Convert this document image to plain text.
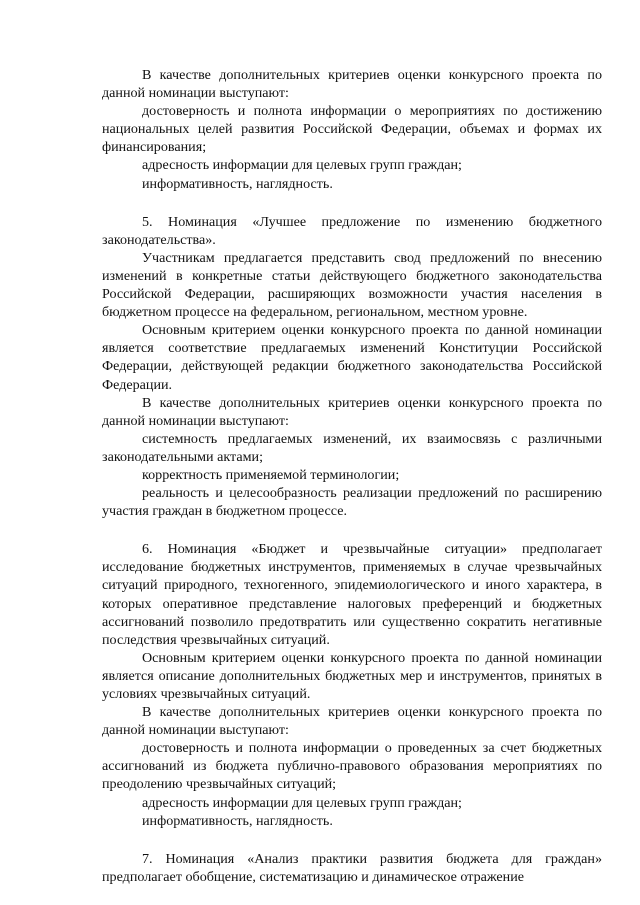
В качестве дополнительных критериев оценки конкурсного проекта по данной номинации выступают:

достоверность и полнота информации о мероприятиях по достижению национальных целей развития Российской Федерации, объемах и формах их финансирования;

адресность информации для целевых групп граждан;

информативность, наглядность.

5. Номинация «Лучшее предложение по изменению бюджетного законодательства».

Участникам предлагается представить свод предложений по внесению изменений в конкретные статьи действующего бюджетного законодательства Российской Федерации, расширяющих возможности участия населения в бюджетном процессе на федеральном, региональном, местном уровне.

Основным критерием оценки конкурсного проекта по данной номинации является соответствие предлагаемых изменений Конституции Российской Федерации, действующей редакции бюджетного законодательства Российской Федерации.

В качестве дополнительных критериев оценки конкурсного проекта по данной номинации выступают:

системность предлагаемых изменений, их взаимосвязь с различными законодательными актами;

корректность применяемой терминологии;

реальность и целесообразность реализации предложений по расширению участия граждан в бюджетном процессе.

6. Номинация «Бюджет и чрезвычайные ситуации» предполагает исследование бюджетных инструментов, применяемых в случае чрезвычайных ситуаций природного, техногенного, эпидемиологического и иного характера, в которых оперативное представление налоговых преференций и бюджетных ассигнований позволило предотвратить или существенно сократить негативные последствия чрезвычайных ситуаций.

Основным критерием оценки конкурсного проекта по данной номинации является описание дополнительных бюджетных мер и инструментов, принятых в условиях чрезвычайных ситуаций.

В качестве дополнительных критериев оценки конкурсного проекта по данной номинации выступают:

достоверность и полнота информации о проведенных за счет бюджетных ассигнований из бюджета публично-правового образования мероприятиях по преодолению чрезвычайных ситуаций;

адресность информации для целевых групп граждан;

информативность, наглядность.

7. Номинация «Анализ практики развития бюджета для граждан» предполагает обобщение, систематизацию и динамическое отражение
